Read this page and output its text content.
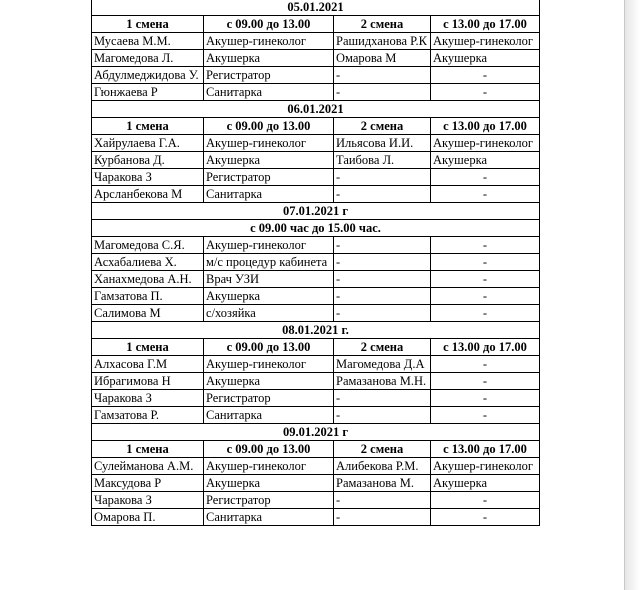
05.01.2021			
1 смена	с 09.00 до 13.00	2 смена	с 13.00 до 17.00
Мусаева М.М.	Акушер-гинеколог	Рашидханова Р.К	Акушер-гинеколог
Магомедова Л.	Акушерка	Омарова М	Акушерка
Абдулмеджидова У.	Регистратор	-	-
Гюнжаева Р	Санитарка	-	-
06.01.2021			
1 смена	с 09.00 до 13.00	2 смена	с 13.00 до 17.00
Хайрулаева Г.А.	Акушер-гинеколог	Ильясова И.И.	Акушер-гинеколог
Курбанова Д.	Акушерка	Таибова Л.	Акушерка
Чаракова З	Регистратор	-	-
Арсланбекова М	Санитарка	-	-
07.01.2021 г			
с 09.00 час до 15.00 час.			
Магомедова С.Я.	Акушер-гинеколог	-	-
Асхабалиева Х.	м/с процедур кабинета	-	-
Ханахмедова А.Н.	Врач УЗИ	-	-
Гамзатова П.	Акушерка	-	-
Салимова М	с/хозяйка	-	-
08.01.2021 г.			
1 смена	с 09.00 до 13.00	2 смена	с 13.00 до 17.00
Алхасова Г.М	Акушер-гинеколог	Магомедова Д.А	-
Ибрагимова Н	Акушерка	Рамазанова М.Н.	-
Чаракова З	Регистратор	-	-
Гамзатова Р.	Санитарка	-	-
09.01.2021 г			
1 смена	с 09.00 до 13.00	2 смена	с 13.00 до 17.00
Сулейманова А.М.	Акушер-гинеколог	Алибекова Р.М.	Акушер-гинеколог
Максудова Р	Акушерка	Рамазанова М.	Акушерка
Чаракова З	Регистратор	-	-
Омарова П.	Санитарка	-	-
